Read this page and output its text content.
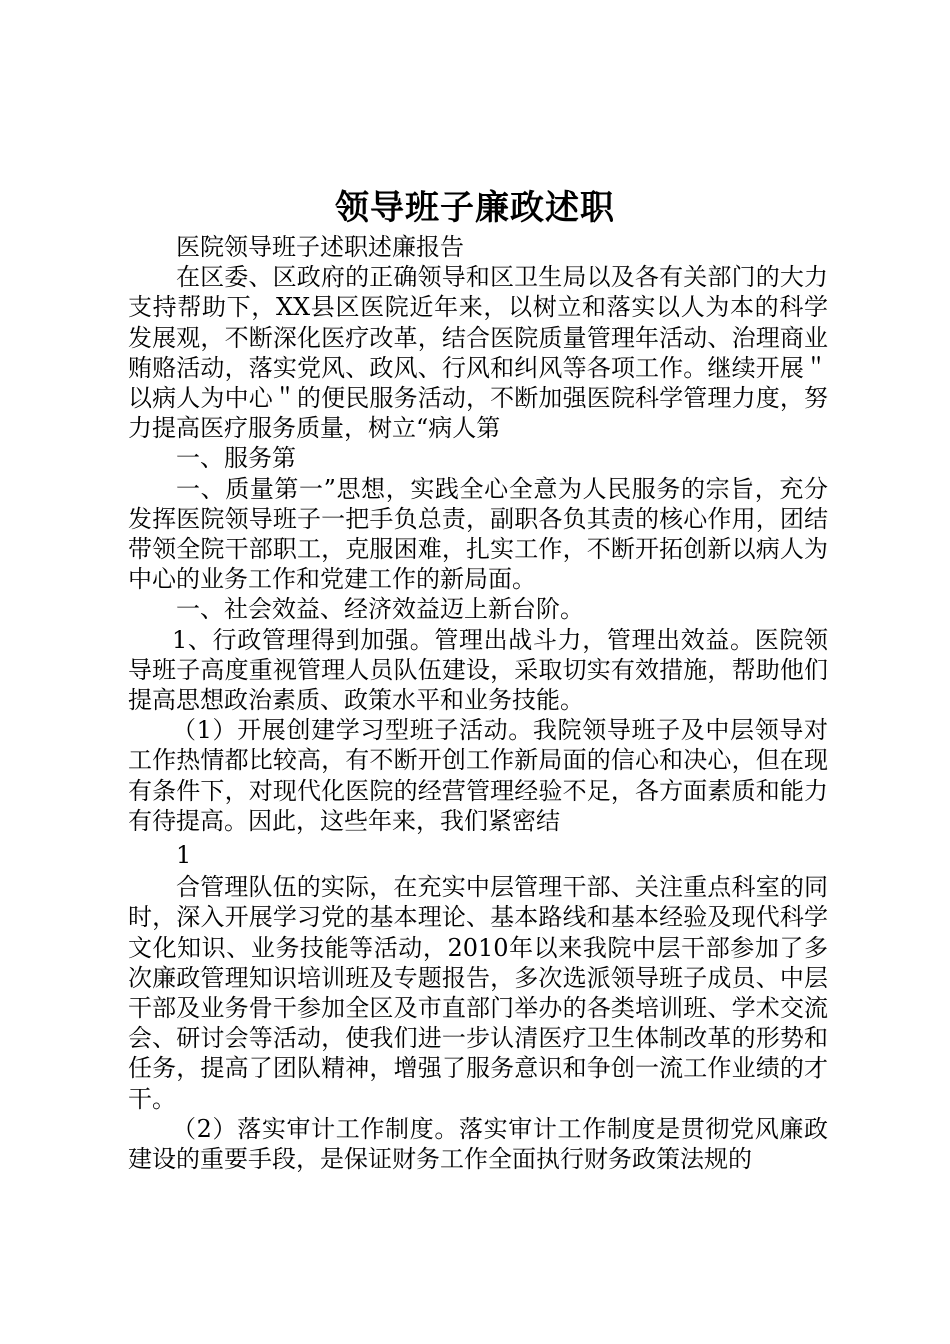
领导班子廉政述职

医院领导班子述职述廉报告

在区委、区政府的正确领导和区卫生局以及各有关部门的大力支持帮助下，XX县区医院近年来，以树立和落实以人为本的科学发展观，不断深化医疗改革，结合医院质量管理年活动、治理商业贿赂活动，落实党风、政风、行风和纠风等各项工作。继续开展＂以病人为中心＂的便民服务活动，不断加强医院科学管理力度，努力提高医疗服务质量，树立“病人第

一、服务第

一、质量第一”思想，实践全心全意为人民服务的宗旨，充分发挥医院领导班子一把手负总责，副职各负其责的核心作用，团结带领全院干部职工，克服困难，扎实工作，不断开拓创新以病人为中心的业务工作和党建工作的新局面。

一、社会效益、经济效益迈上新台阶。

1、行政管理得到加强。管理出战斗力，管理出效益。医院领导班子高度重视管理人员队伍建设，采取切实有效措施，帮助他们提高思想政治素质、政策水平和业务技能。

（1）开展创建学习型班子活动。我院领导班子及中层领导对工作热情都比较高，有不断开创工作新局面的信心和决心，但在现有条件下，对现代化医院的经营管理经验不足，各方面素质和能力有待提高。因此，这些年来，我们紧密结

1

合管理队伍的实际，在充实中层管理干部、关注重点科室的同时，深入开展学习党的基本理论、基本路线和基本经验及现代科学文化知识、业务技能等活动，2010年以来我院中层干部参加了多次廉政管理知识培训班及专题报告，多次选派领导班子成员、中层干部及业务骨干参加全区及市直部门举办的各类培训班、学术交流会、研讨会等活动，使我们进一步认清医疗卫生体制改革的形势和任务，提高了团队精神，增强了服务意识和争创一流工作业绩的才干。

（2）落实审计工作制度。落实审计工作制度是贯彻党风廉政建设的重要手段，是保证财务工作全面执行财务政策法规的
